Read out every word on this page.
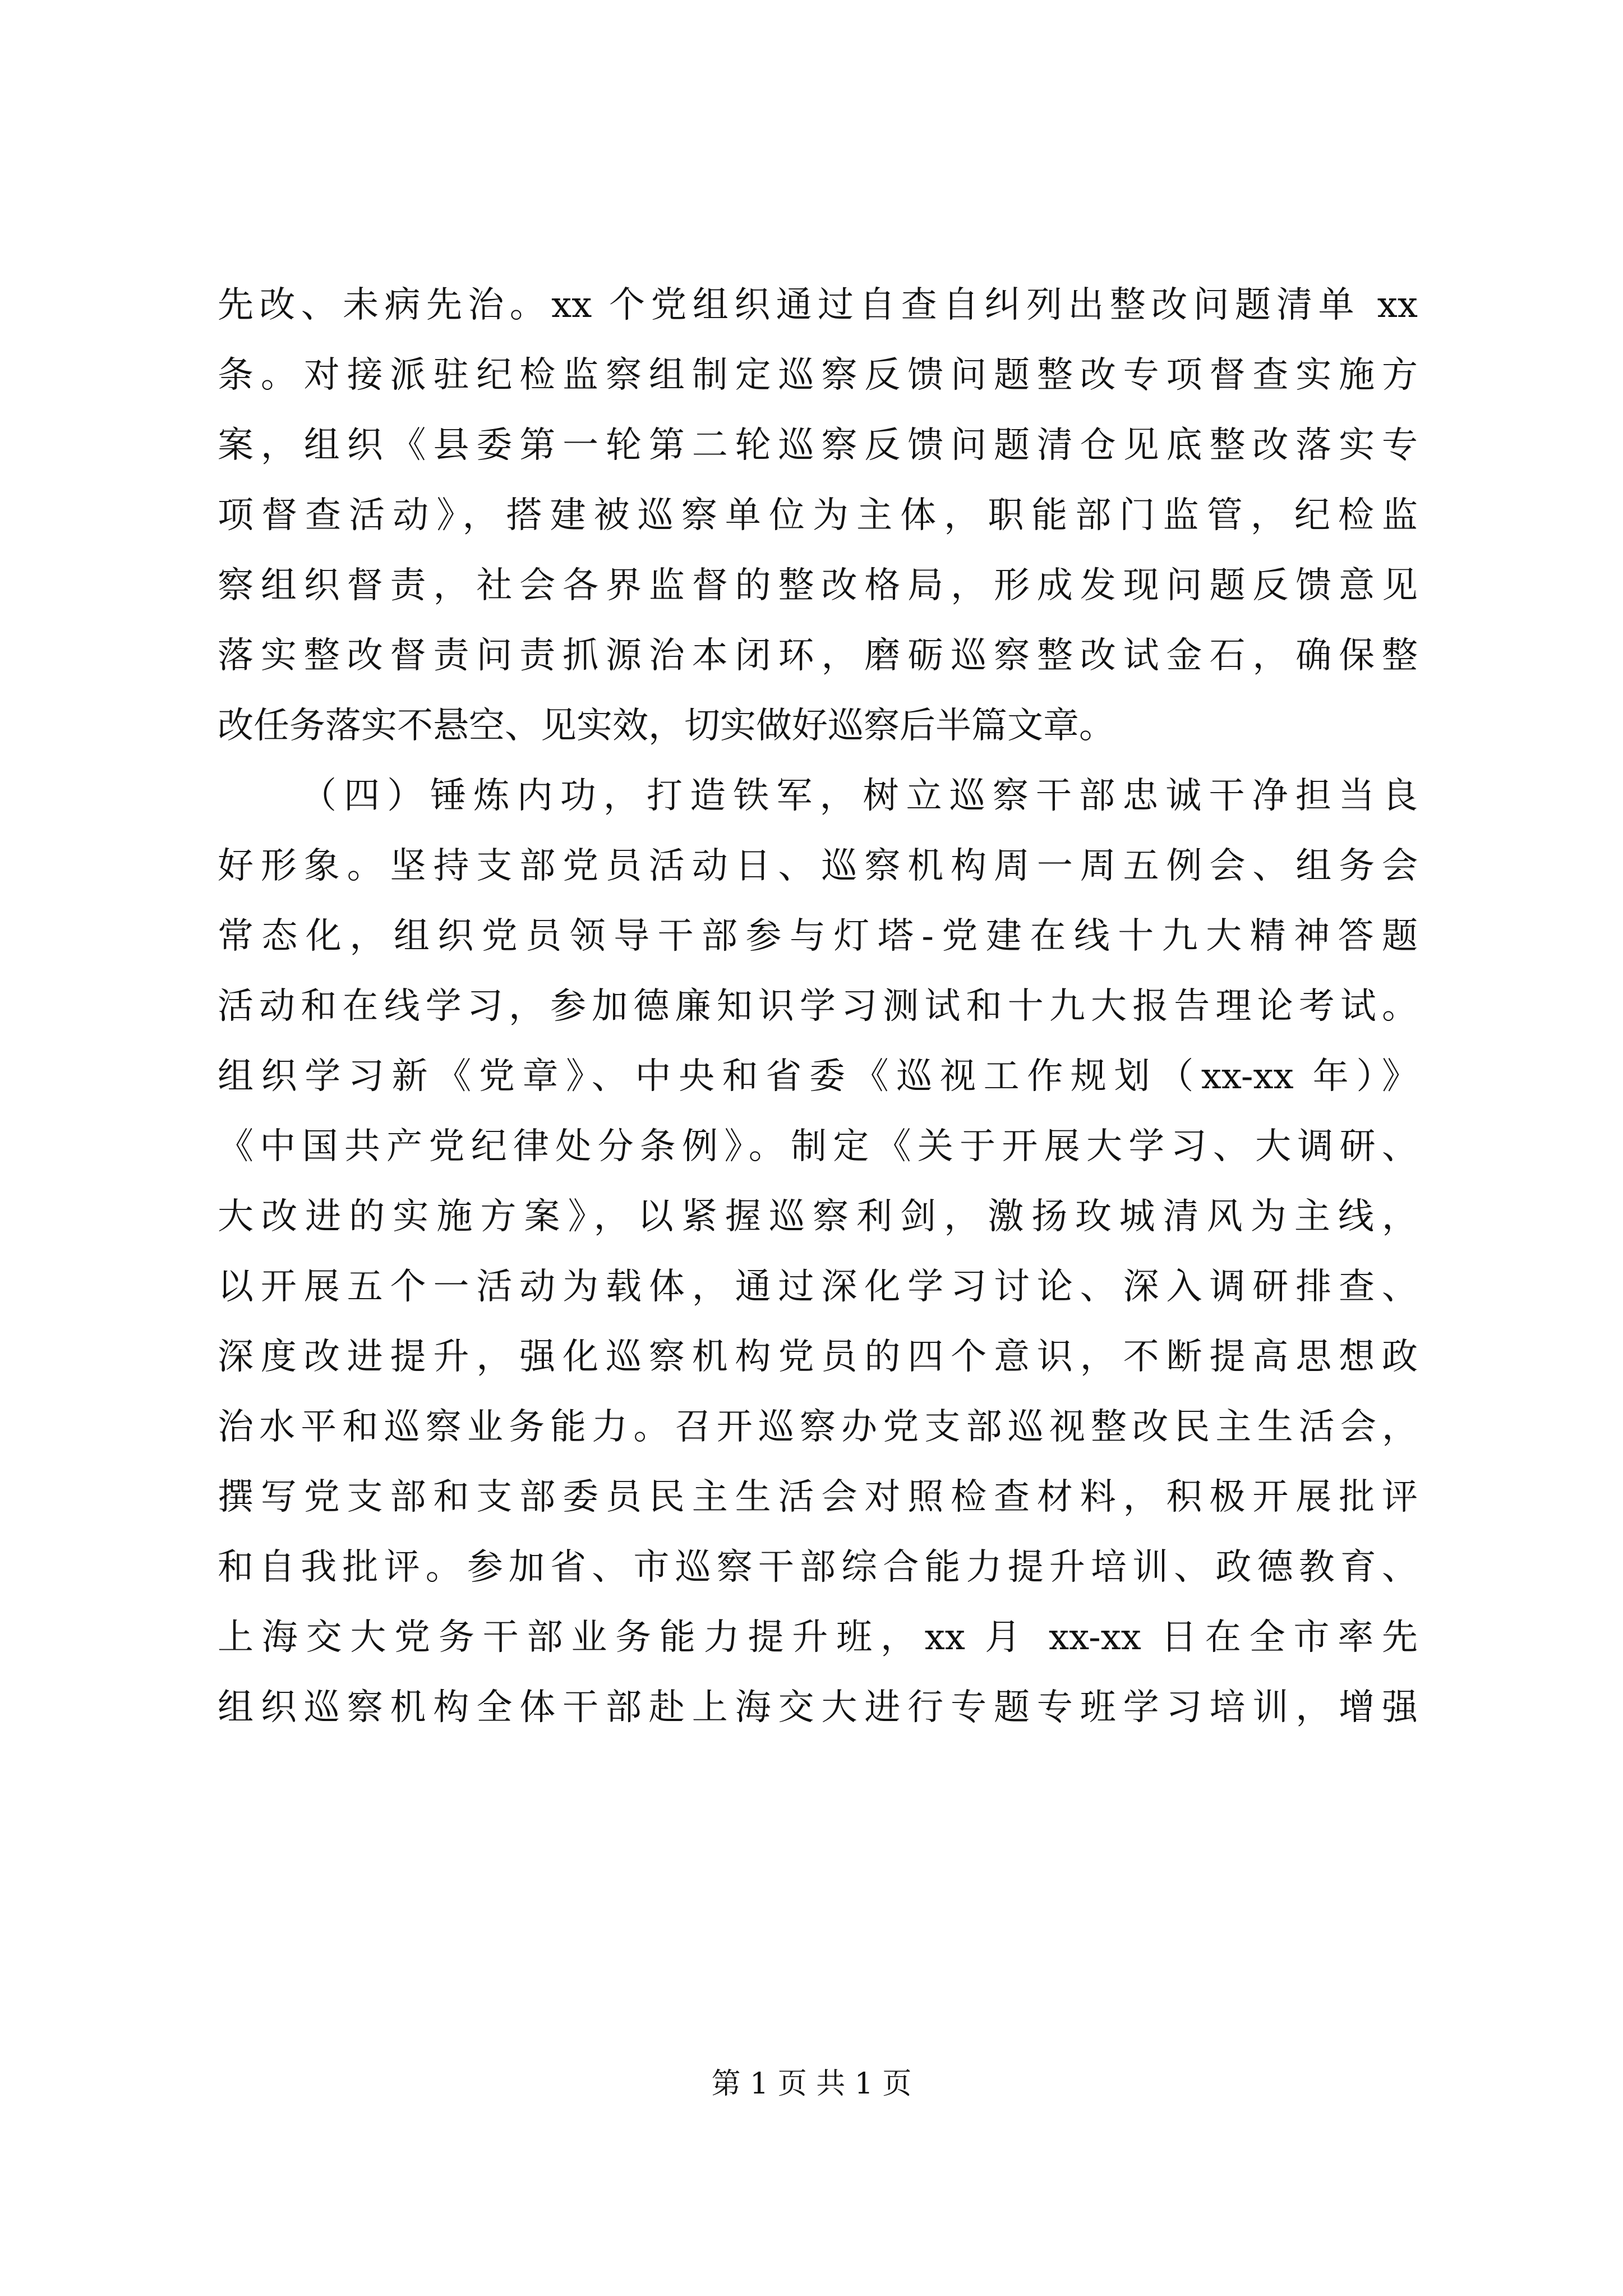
先改、未病先治。xx 个党组织通过自查自纠列出整改问题清单 xx
条。对接派驻纪检监察组制定巡察反馈问题整改专项督查实施方
案，组织《县委第一轮第二轮巡察反馈问题清仓见底整改落实专
项督查活动》，搭建被巡察单位为主体，职能部门监管，纪检监
察组织督责，社会各界监督的整改格局，形成发现问题反馈意见
落实整改督责问责抓源治本闭环，磨砺巡察整改试金石，确保整
改任务落实不悬空、见实效，切实做好巡察后半篇文章。
（四）锤炼内功，打造铁军，树立巡察干部忠诚干净担当良
好形象。坚持支部党员活动日、巡察机构周一周五例会、组务会
常态化，组织党员领导干部参与灯塔-党建在线十九大精神答题
活动和在线学习，参加德廉知识学习测试和十九大报告理论考试。
组织学习新《党章》、中央和省委《巡视工作规划（xx-xx 年）》
《中国共产党纪律处分条例》。制定《关于开展大学习、大调研、
大改进的实施方案》，以紧握巡察利剑，激扬玫城清风为主线，
以开展五个一活动为载体，通过深化学习讨论、深入调研排查、
深度改进提升，强化巡察机构党员的四个意识，不断提高思想政
治水平和巡察业务能力。召开巡察办党支部巡视整改民主生活会，
撰写党支部和支部委员民主生活会对照检查材料，积极开展批评
和自我批评。参加省、市巡察干部综合能力提升培训、政德教育、
上海交大党务干部业务能力提升班，xx 月 xx-xx 日在全市率先
组织巡察机构全体干部赴上海交大进行专题专班学习培训，增强
第 1 页 共 1 页
